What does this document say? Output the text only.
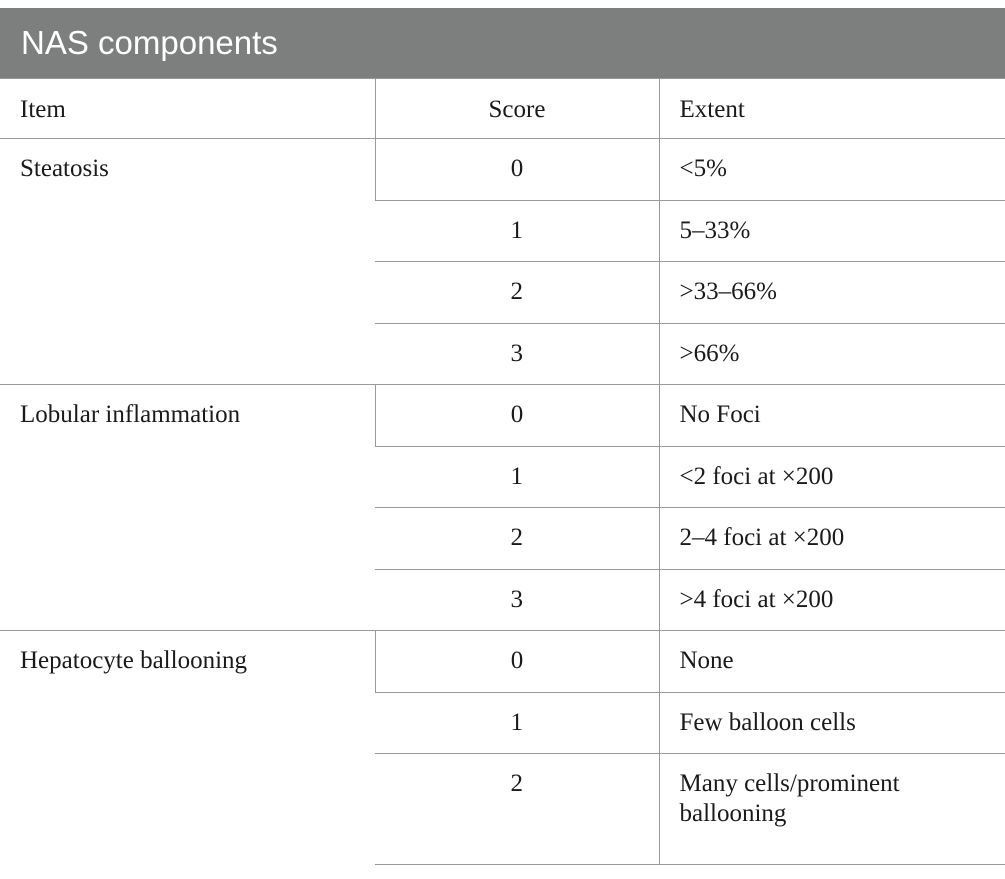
NAS components
Item	Score	Extent
Steatosis	0	<5%
	1	5–33%
	2	>33–66%
	3	>66%
Lobular inflammation	0	No Foci
	1	<2 foci at ×200
	2	2–4 foci at ×200
	3	>4 foci at ×200
Hepatocyte ballooning	0	None
	1	Few balloon cells
	2	Many cells/prominent ballooning
